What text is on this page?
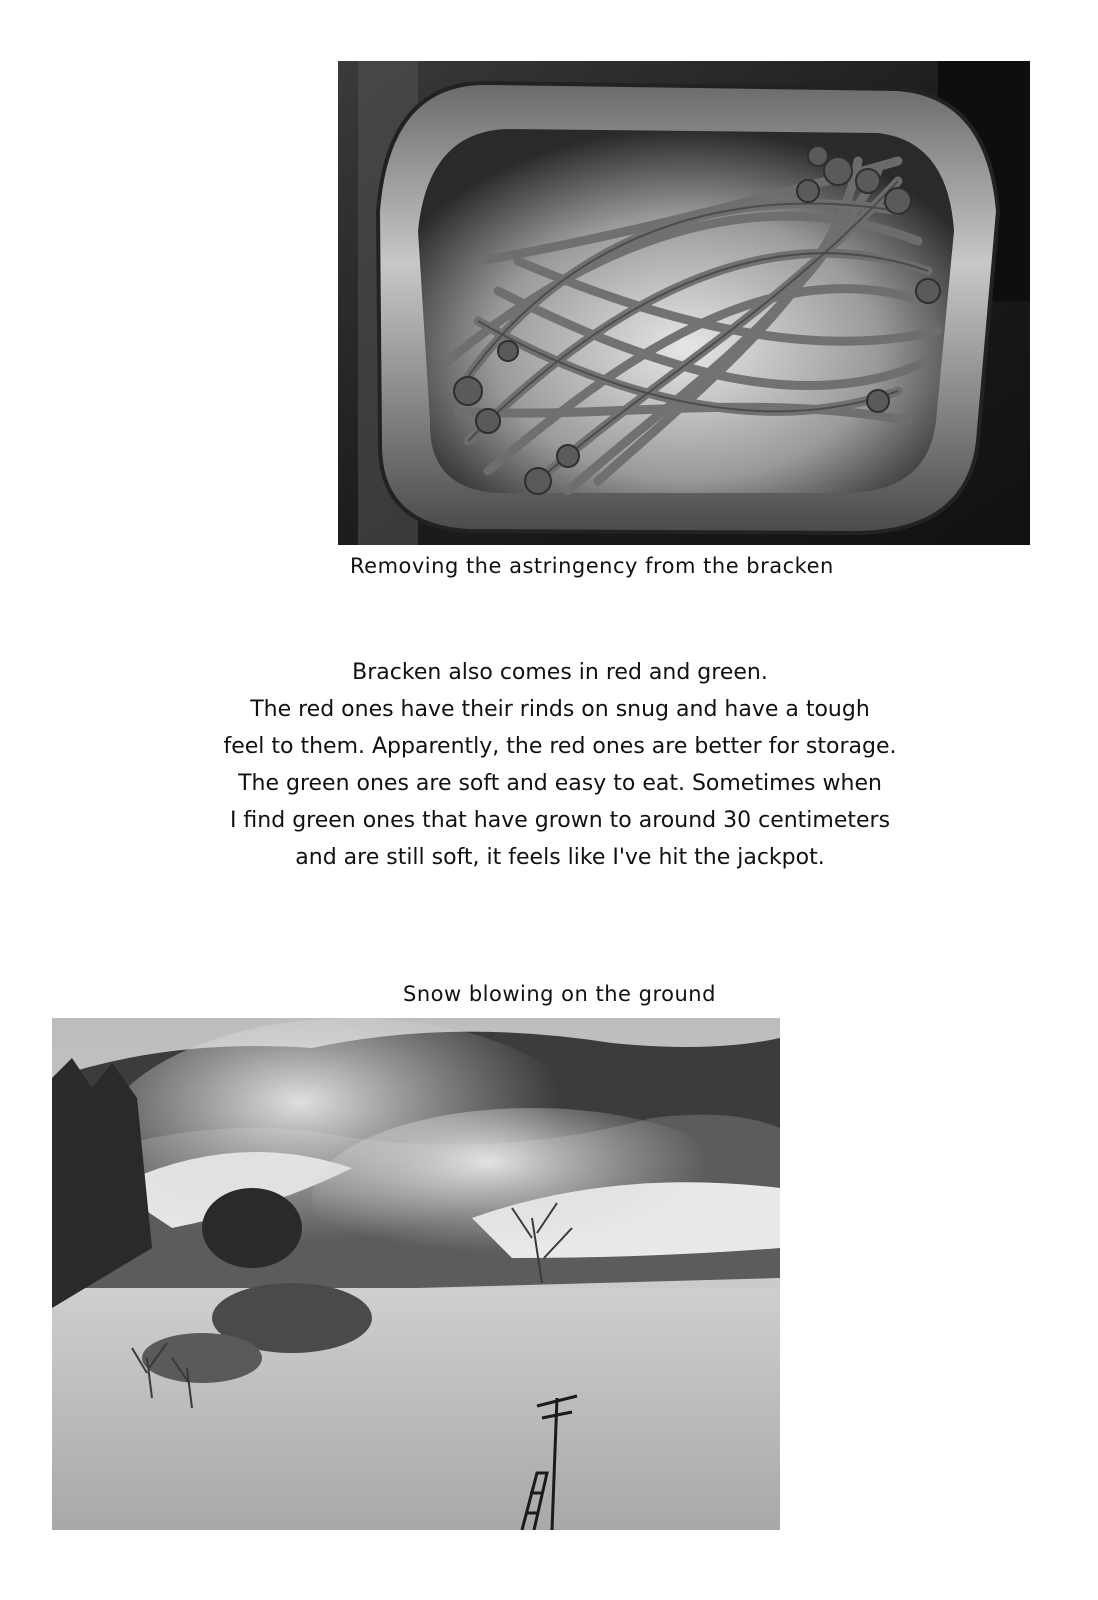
Removing the astringency from the bracken
Bracken also comes in red and green.
The red ones have their rinds on snug and have a tough
feel to them. Apparently, the red ones are better for storage.
The green ones are soft and easy to eat. Sometimes when
I find green ones that have grown to around 30 centimeters
and are still soft, it feels like I've hit the jackpot.
Snow blowing on the ground
